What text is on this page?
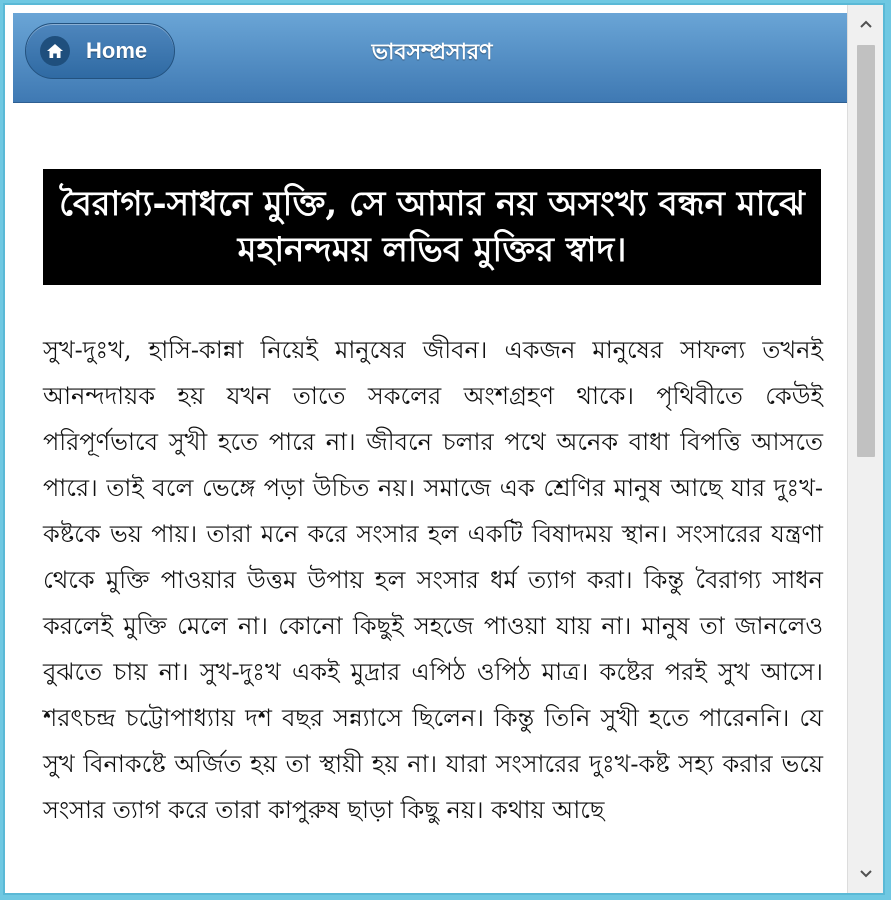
Home	ভাবসম্প্রসারণ
বৈরাগ্য-সাধনে মুক্তি, সে আমার নয় অসংখ্য বন্ধন মাঝে মহানন্দময় লভিব মুক্তির স্বাদ।
সুখ-দুঃখ, হাসি-কান্না নিয়েই মানুষের জীবন। একজন মানুষের সাফল্য তখনই আনন্দদায়ক হয় যখন তাতে সকলের অংশগ্রহণ থাকে। পৃথিবীতে কেউই পরিপূর্ণভাবে সুখী হতে পারে না। জীবনে চলার পথে অনেক বাধা বিপত্তি আসতে পারে। তাই বলে ভেঙ্গে পড়া উচিত নয়। সমাজে এক শ্রেণির মানুষ আছে যার দুঃখ-কষ্টকে ভয় পায়। তারা মনে করে সংসার হল একটি বিষাদময় স্থান। সংসারের যন্ত্রণা থেকে মুক্তি পাওয়ার উত্তম উপায় হল সংসার ধর্ম ত্যাগ করা। কিন্তু বৈরাগ্য সাধন করলেই মুক্তি মেলে না। কোনো কিছুই সহজে পাওয়া যায় না। মানুষ তা জানলেও বুঝতে চায় না। সুখ-দুঃখ একই মুদ্রার এপিঠ ওপিঠ মাত্র। কষ্টের পরই সুখ আসে। শরৎচন্দ্র চট্টোপাধ্যায় দশ বছর সন্ন্যাসে ছিলেন। কিন্তু তিনি সুখী হতে পারেননি। যে সুখ বিনাকষ্টে অর্জিত হয় তা স্থায়ী হয় না। যারা সংসারের দুঃখ-কষ্ট সহ্য করার ভয়ে সংসার ত্যাগ করে তারা কাপুরুষ ছাড়া কিছু নয়। কথায় আছে
